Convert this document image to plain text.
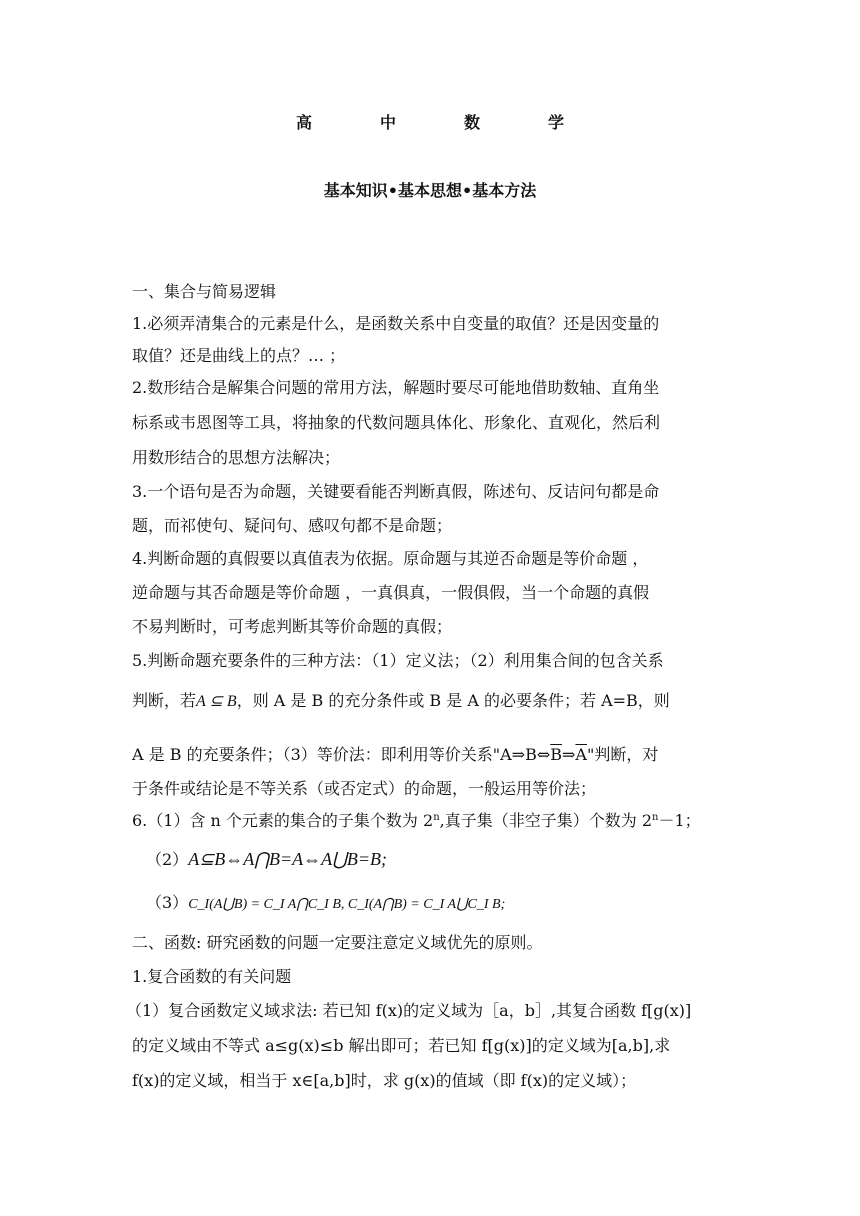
高　中　数　学
基本知识•基本思想•基本方法
一、集合与简易逻辑
1.必须弄清集合的元素是什么，是函数关系中自变量的取值？还是因变量的
取值？还是曲线上的点？… ；
2.数形结合是解集合问题的常用方法，解题时要尽可能地借助数轴、直角坐
标系或韦恩图等工具，将抽象的代数问题具体化、形象化、直观化，然后利
用数形结合的思想方法解决；
3.一个语句是否为命题，关键要看能否判断真假，陈述句、反诘问句都是命
题，而祁使句、疑问句、感叹句都不是命题；
4.判断命题的真假要以真值表为依据。原命题与其逆否命题是等价命题 ，
逆命题与其否命题是等价命题 ，一真俱真，一假俱假，当一个命题的真假
不易判断时，可考虑判断其等价命题的真假；
5.判断命题充要条件的三种方法：（1）定义法；（2）利用集合间的包含关系
判断，若A ⊆ B，则 A 是 B 的充分条件或 B 是 A 的必要条件；若 A=B，则
A 是 B 的充要条件；（3）等价法：即利用等价关系"$A\Rightarrow B\Leftrightarrow\overline{B}\Rightarrow\overline{A}$"判断，对
于条件或结论是不等关系（或否定式）的命题，一般运用等价法；
6.（1）含 n 个元素的集合的子集个数为 2$^n$,真子集（非空子集）个数为 $2^n-1$；
（2）A⊆B⇔A⋂B=A⇔A⋃B=B;
（3）C_I(A⋃B) = C_I A⋂C_I B, C_I(A⋂B) = C_I A⋃C_I B;
二、函数: 研究函数的问题一定要注意定义域优先的原则。
1.复合函数的有关问题
（1）复合函数定义域求法: 若已知 f(x)的定义域为［a，b］,其复合函数 f[g(x)]
的定义域由不等式 a≤g(x)≤b 解出即可；若已知 f[g(x)]的定义域为[a,b],求
f(x)的定义域，相当于 x∈[a,b]时，求 g(x)的值域（即 f(x)的定义域）；
